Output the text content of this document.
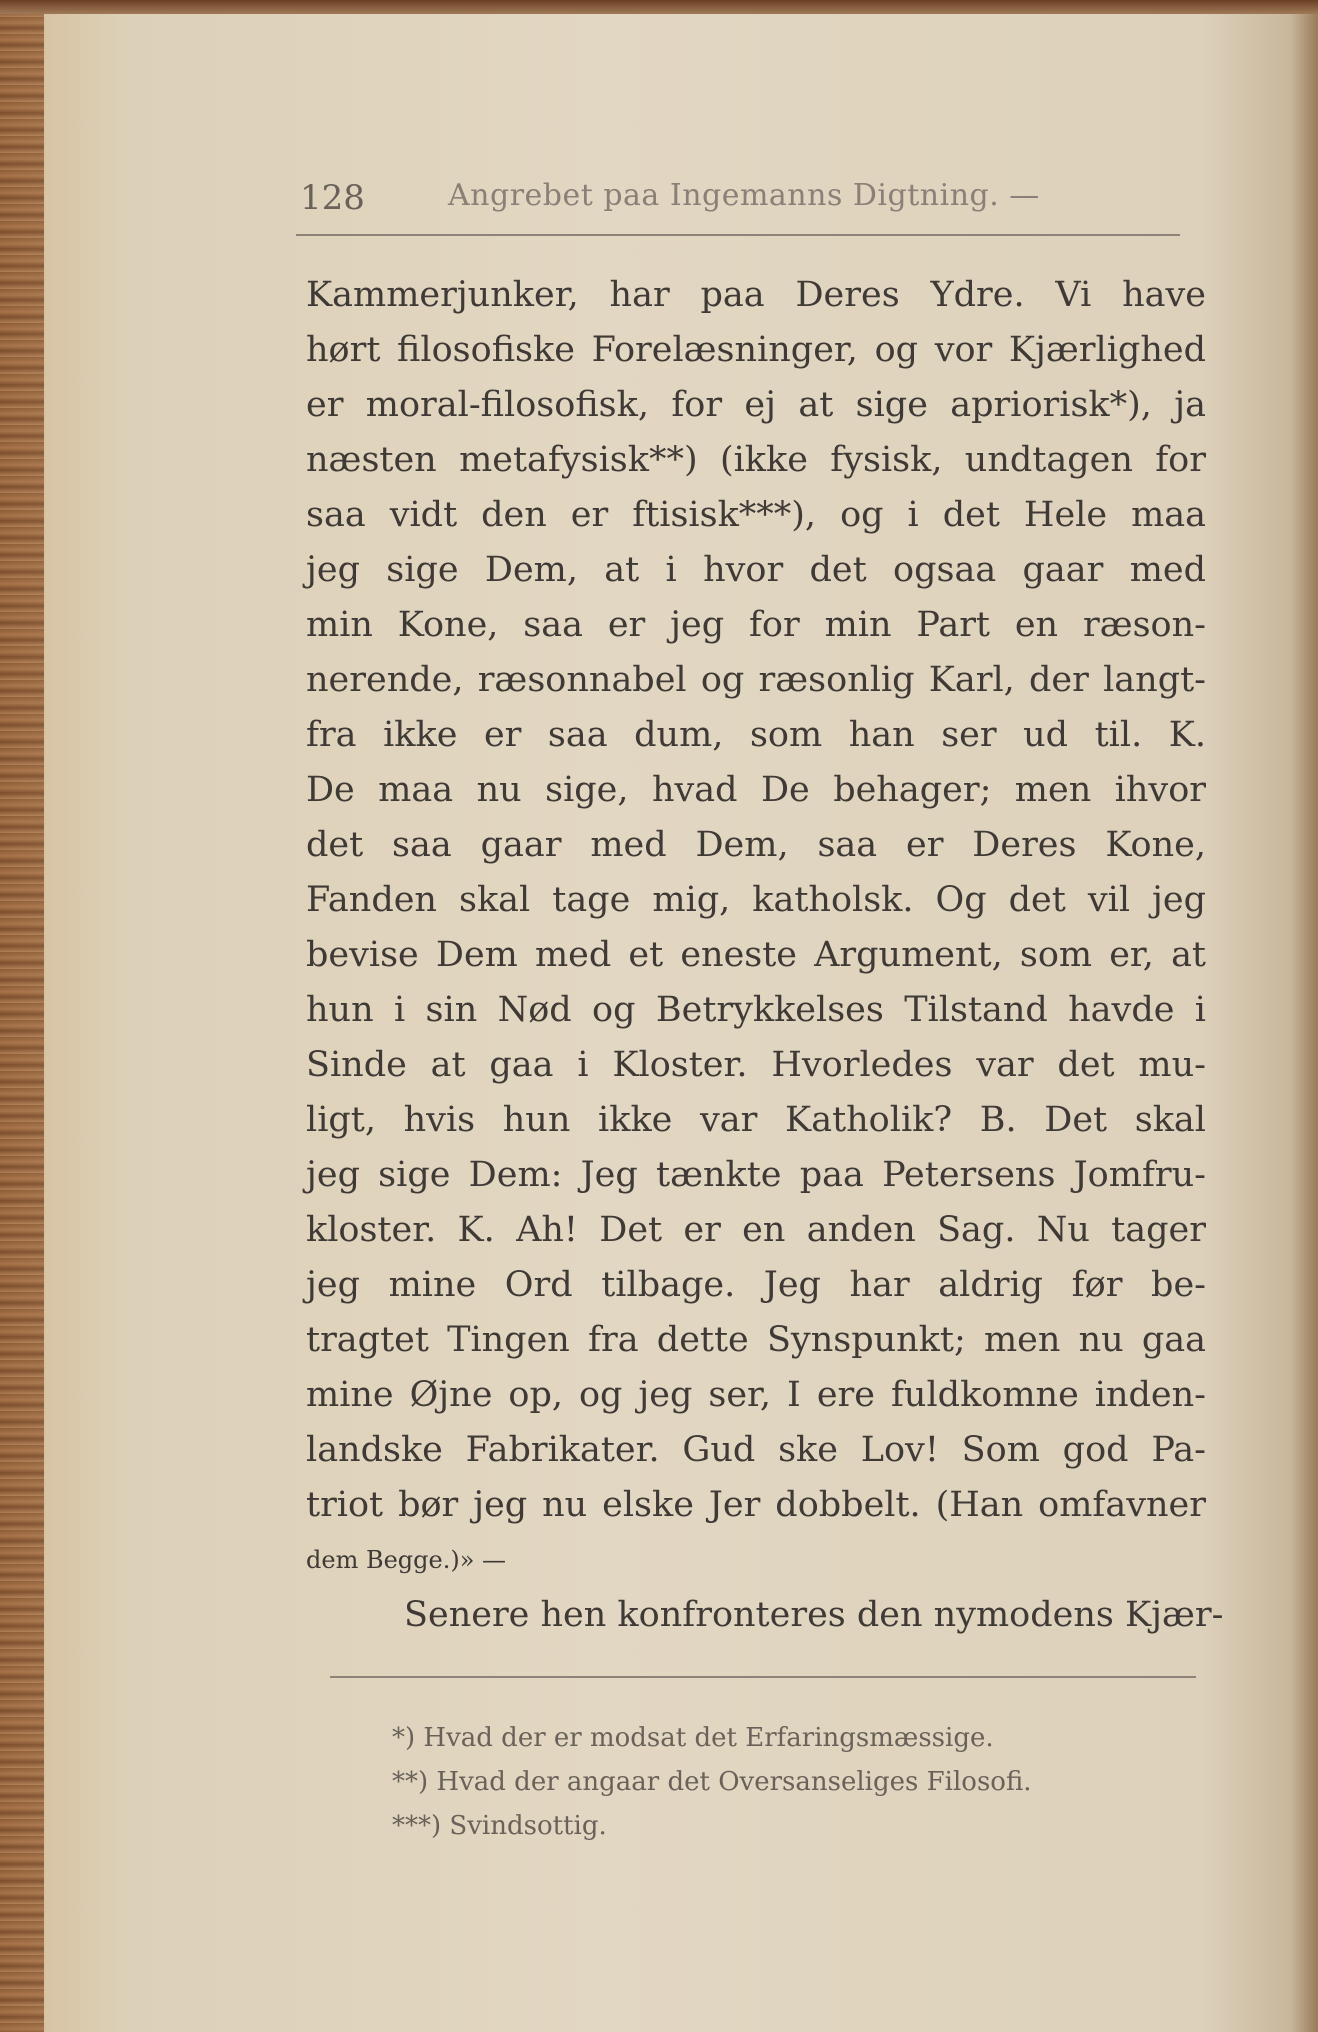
128	Angrebet paa Ingemanns Digtning. —
Kammerjunker, har paa Deres Ydre. Vi have
hørt filosofiske Forelæsninger, og vor Kjærlighed
er moral-filosofisk, for ej at sige apriorisk*), ja
næsten metafysisk**) (ikke fysisk, undtagen for
saa vidt den er ftisisk***), og i det Hele maa
jeg sige Dem, at i hvor det ogsaa gaar med
min Kone, saa er jeg for min Part en ræson-
nerende, ræsonnabel og ræsonlig Karl, der langt-
fra ikke er saa dum, som han ser ud til. K.
De maa nu sige, hvad De behager; men ihvor
det saa gaar med Dem, saa er Deres Kone,
Fanden skal tage mig, katholsk. Og det vil jeg
bevise Dem med et eneste Argument, som er, at
hun i sin Nød og Betrykkelses Tilstand havde i
Sinde at gaa i Kloster. Hvorledes var det mu-
ligt, hvis hun ikke var Katholik? B. Det skal
jeg sige Dem: Jeg tænkte paa Petersens Jomfru-
kloster. K. Ah! Det er en anden Sag. Nu tager
jeg mine Ord tilbage. Jeg har aldrig før be-
tragtet Tingen fra dette Synspunkt; men nu gaa
mine Øjne op, og jeg ser, I ere fuldkomne inden-
landske Fabrikater. Gud ske Lov! Som god Pa-
triot bør jeg nu elske Jer dobbelt. (Han omfavner
dem Begge.)» —
Senere hen konfronteres den nymodens Kjær-
*) Hvad der er modsat det Erfaringsmæssige.
**) Hvad der angaar det Oversanseliges Filosofi.
***) Svindsottig.
